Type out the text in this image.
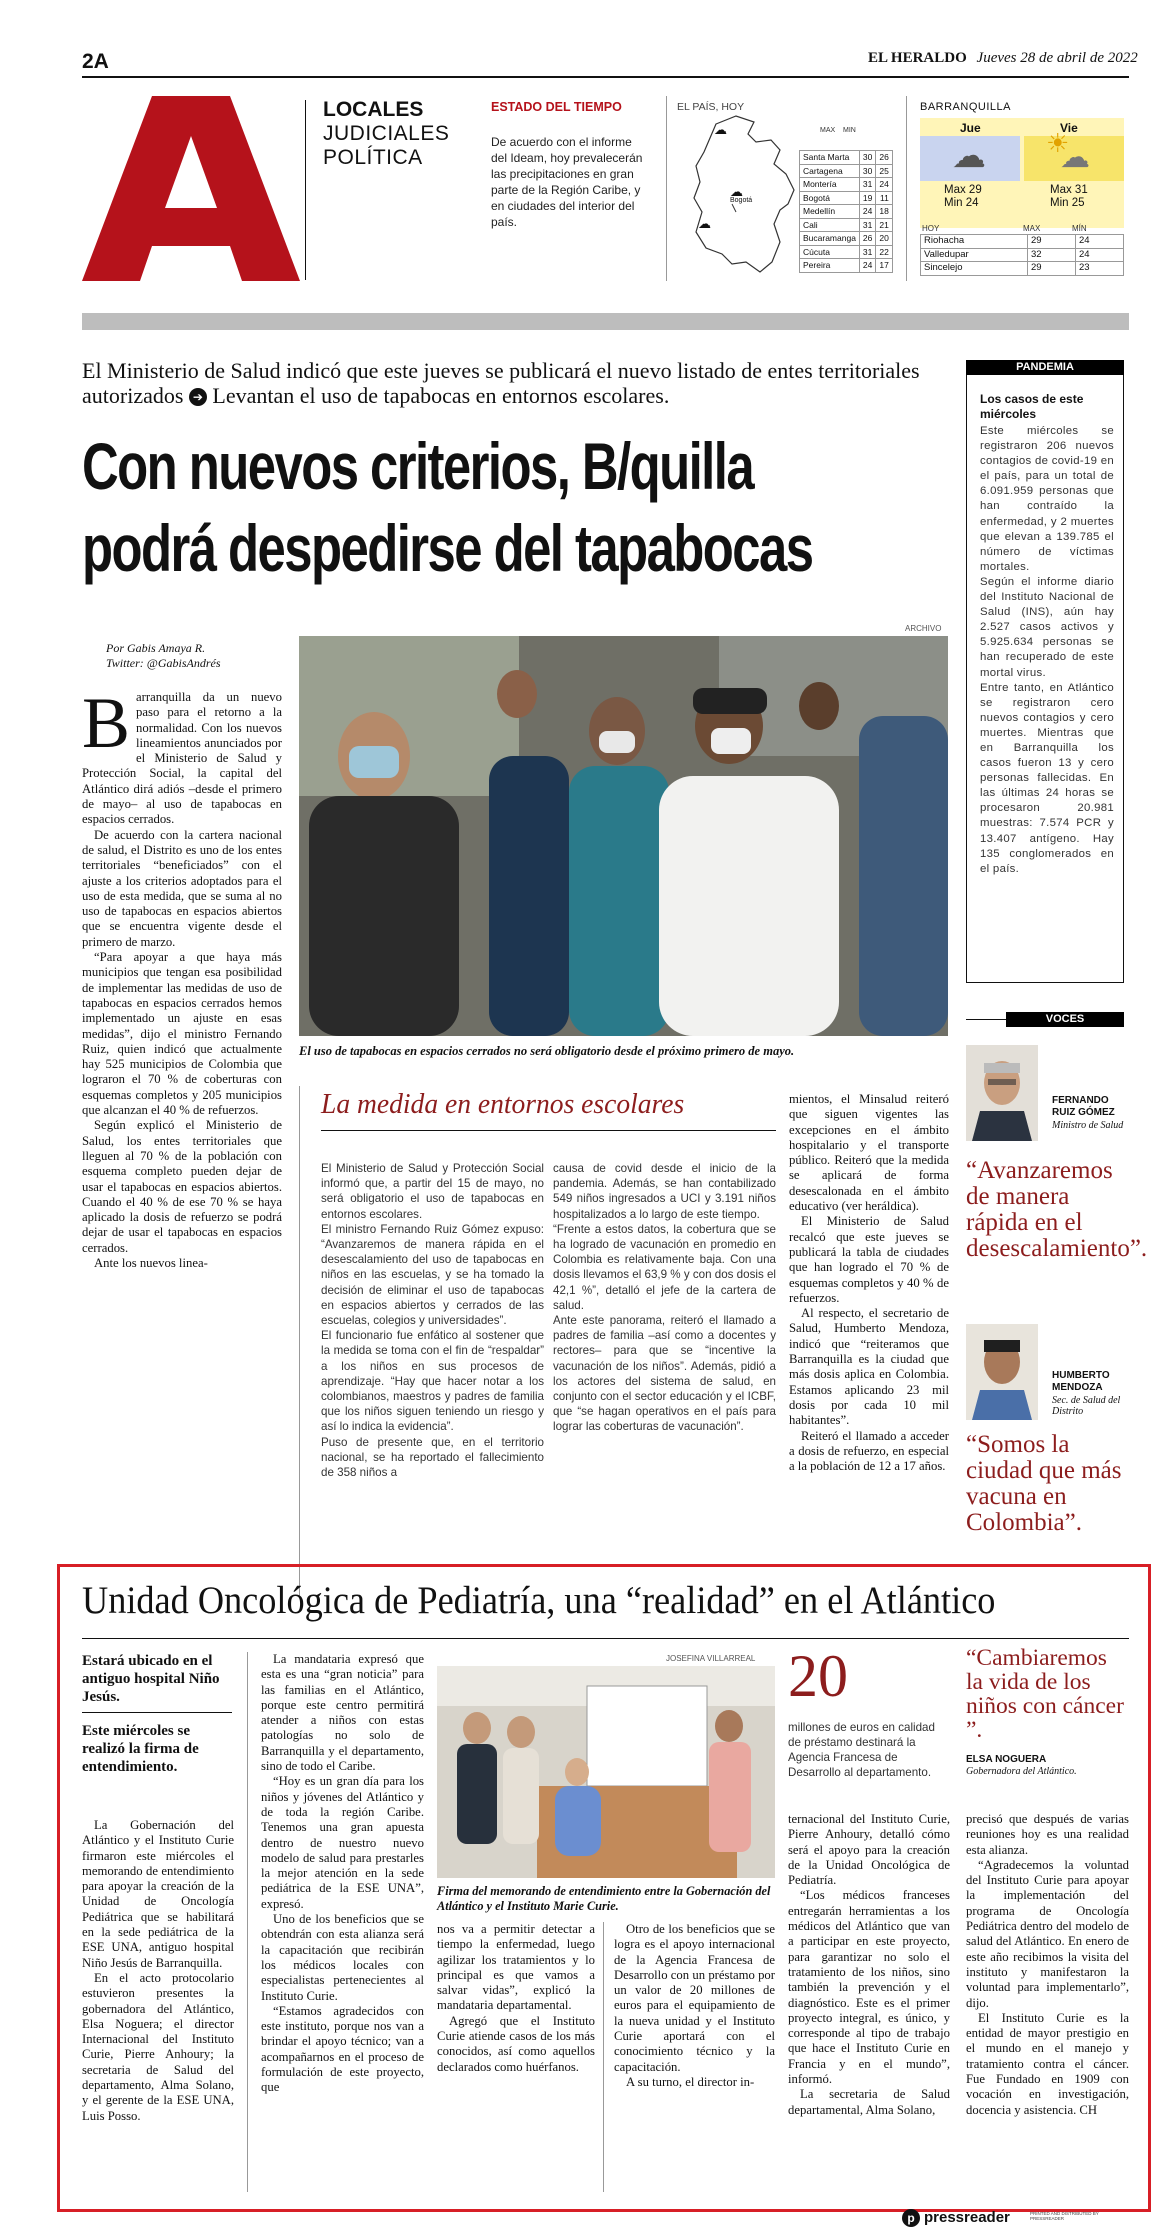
2A	EL HERALDO Jueves 28 de abril de 2022
LOCALES
JUDICIALES
POLÍTICA
ESTADO DEL TIEMPO
De acuerdo con el informe del Ideam, hoy prevalecerán las precipitaciones en gran parte de la Región Caribe, y en ciudades del interior del país.
EL PAÍS, HOY
☁
☁
Bogotá
☁
MAX MIN
Santa Marta	30	26
Cartagena	30	25
Montería	31	24
Bogotá	19	11
Medellín	24	18
Cali	31	21
Bucaramanga	26	20
Cúcuta	31	22
Pereira	24	17
BARRANQUILLA
Jue	Vie
☁ ☀
☁
Max 29
Min 24
Max 31
Min 25
HOY	MAX	MÍN
Riohacha	29	24
Valledupar	32	24
Sincelejo	29	23
El Ministerio de Salud indicó que este jueves se publicará el nuevo listado de entes territoriales autorizados ➔ Levantan el uso de tapabocas en entornos escolares.
Con nuevos criterios, B/quilla
podrá despedirse del tapabocas
Por Gabis Amaya R.
Twitter: @GabisAndrés
ARCHIVO
El uso de tapabocas en espacios cerrados no será obligatorio desde el próximo primero de mayo.
B arranquilla da un nuevo paso para el retorno a la normalidad. Con los nuevos lineamientos anunciados por el Ministerio de Salud y Protección Social, la capital del Atlántico dirá adiós –desde el primero de mayo– al uso de tapabocas en espacios cerrados.

De acuerdo con la cartera nacional de salud, el Distrito es uno de los entes territoriales “beneficiados” con el ajuste a los criterios adoptados para el uso de esta medida, que se suma al no uso de tapabocas en espacios abiertos que se encuentra vigente desde el primero de marzo.

“Para apoyar a que haya más municipios que tengan esa posibilidad de implementar las medidas de uso de tapabocas en espacios cerrados hemos implementado un ajuste en esas medidas”, dijo el ministro Fernando Ruiz, quien indicó que actualmente hay 525 municipios de Colombia que lograron el 70 % de coberturas con esquemas completos y 205 municipios que alcanzan el 40 % de refuerzos.

Según explicó el Ministerio de Salud, los entes territoriales que lleguen al 70 % de la población con esquema completo pueden dejar de usar el tapabocas en espacios abiertos. Cuando el 40 % de ese 70 % se haya aplicado la dosis de refuerzo se podrá dejar de usar el tapabocas en espacios cerrados.

Ante los nuevos linea-

La medida en entornos escolares

El Ministerio de Salud y Protección Social informó que, a partir del 15 de mayo, no será obligatorio el uso de tapabocas en entornos escolares.

El ministro Fernando Ruiz Gómez expuso: “Avanzaremos de manera rápida en el desescalamiento del uso de tapabocas en niños en las escuelas, y se ha tomado la decisión de eliminar el uso de tapabocas en espacios abiertos y cerrados de las escuelas, colegios y universidades”.

El funcionario fue enfático al sostener que la medida se toma con el fin de “respaldar” a los niños en sus procesos de aprendizaje. “Hay que hacer notar a los colombianos, maestros y padres de familia que los niños siguen teniendo un riesgo y así lo indica la evidencia”.

Puso de presente que, en el territorio nacional, se ha reportado el fallecimiento de 358 niños a

causa de covid desde el inicio de la pandemia. Además, se han contabilizado 549 niños ingresados a UCI y 3.191 niños hospitalizados a lo largo de este tiempo.

“Frente a estos datos, la cobertura que se ha logrado de vacunación en promedio en Colombia es relativamente baja. Con una dosis llevamos el 63,9 % y con dos dosis el 42,1 %”, detalló el jefe de la cartera de salud.

Ante este panorama, reiteró el llamado a padres de familia –así como a docentes y rectores– para que se “incentive la vacunación de los niños”. Además, pidió a los actores del sistema de salud, en conjunto con el sector educación y el ICBF, que “se hagan operativos en el país para lograr las coberturas de vacunación”.

mientos, el Minsalud reiteró que siguen vigentes las excepciones en el ámbito hospitalario y el transporte público. Reiteró que la medida se aplicará de forma desescalonada en el ámbito educativo (ver heráldica).

El Ministerio de Salud recalcó que este jueves se publicará la tabla de ciudades que han logrado el 70 % de esquemas completos y 40 % de refuerzos.

Al respecto, el secretario de Salud, Humberto Mendoza, indicó que “reiteramos que Barranquilla es la ciudad que más dosis aplica en Colombia. Estamos aplicando 23 mil dosis por cada 10 mil habitantes”.

Reiteró el llamado a acceder a dosis de refuerzo, en especial a la población de 12 a 17 años.

PANDEMIA
Los casos de este miércoles

Este miércoles se registraron 206 nuevos contagios de covid-19 en el país, para un total de 6.091.959 personas que han contraído la enfermedad, y 2 muertes que elevan a 139.785 el número de víctimas mortales.

Según el informe diario del Instituto Nacional de Salud (INS), aún hay 2.527 casos activos y 5.925.634 personas se han recuperado de este mortal virus.

Entre tanto, en Atlántico se registraron cero nuevos contagios y cero muertes. Mientras que en Barranquilla los casos fueron 13 y cero personas fallecidas. En las últimas 24 horas se procesaron 20.981 muestras: 7.574 PCR y 13.407 antígeno. Hay 135 conglomerados en el país.

VOCES
FERNANDO RUIZ GÓMEZ
Ministro de Salud
“Avanzaremos de manera rápida en el desescalamiento”.
HUMBERTO MENDOZA
Sec. de Salud del Distrito
“Somos la ciudad que más vacuna en Colombia”.
Unidad Oncológica de Pediatría, una “realidad” en el Atlántico
Estará ubicado en el antiguo hospital Niño Jesús.
Este miércoles se realizó la firma de entendimiento.

La Gobernación del Atlántico y el Instituto Curie firmaron este miércoles el memorando de entendimiento para apoyar la creación de la Unidad de Oncología Pediátrica que se habilitará en la sede pediátrica de la ESE UNA, antiguo hospital Niño Jesús de Barranquilla.

En el acto protocolario estuvieron presentes la gobernadora del Atlántico, Elsa Noguera; el director Internacional del Instituto Curie, Pierre Anhoury; la secretaria de Salud del departamento, Alma Solano, y el gerente de la ESE UNA, Luis Posso.

La mandataria expresó que esta es una “gran noticia” para las familias en el Atlántico, porque este centro permitirá atender a niños con estas patologías no solo de Barranquilla y el departamento, sino de todo el Caribe.

“Hoy es un gran día para los niños y jóvenes del Atlántico y de toda la región Caribe. Tenemos una gran apuesta dentro de nuestro nuevo modelo de salud para prestarles la mejor atención en la sede pediátrica de la ESE UNA”, expresó.

Uno de los beneficios que se obtendrán con esta alianza será la capacitación que recibirán los médicos locales con especialistas pertenecientes al Instituto Curie.

“Estamos agradecidos con este instituto, porque nos van a brindar el apoyo técnico; van a acompañarnos en el proceso de formulación de este proyecto, que

JOSEFINA VILLARREAL
Firma del memorando de entendimiento entre la Gobernación del Atlántico y el Instituto Marie Curie.

nos va a permitir detectar a tiempo la enfermedad, luego agilizar los tratamientos y lo principal es que vamos a salvar vidas”, explicó la mandataria departamental.

Agregó que el Instituto Curie atiende casos de los más conocidos, así como aquellos declarados como huérfanos.

Otro de los beneficios que se logra es el apoyo internacional de la Agencia Francesa de Desarrollo con un préstamo por un valor de 20 millones de euros para el equipamiento de la nueva unidad y el Instituto Curie aportará con el conocimiento técnico y la capacitación.

A su turno, el director in-

20
millones de euros en calidad de préstamo destinará la Agencia Francesa de Desarrollo al departamento.

ternacional del Instituto Curie, Pierre Anhoury, detalló cómo será el apoyo para la creación de la Unidad Oncológica de Pediatría.

“Los médicos franceses entregarán herramientas a los médicos del Atlántico que van a participar en este proyecto, para garantizar no solo el tratamiento de los niños, sino también la prevención y el diagnóstico. Este es el primer proyecto integral, es único, y corresponde al tipo de trabajo que hace el Instituto Curie en Francia y en el mundo”, informó.

La secretaria de Salud departamental, Alma Solano,

“Cambiaremos la vida de los niños con cáncer ”.
ELSA NOGUERA
Gobernadora del Atlántico.

precisó que después de varias reuniones hoy es una realidad esta alianza.

“Agradecemos la voluntad del Instituto Curie para apoyar la implementación del programa de Oncología Pediátrica dentro del modelo de salud del Atlántico. En enero de este año recibimos la visita del instituto y manifestaron la voluntad para implementarlo”, dijo.

El Instituto Curie es la entidad de mayor prestigio en el mundo en el manejo y tratamiento contra el cáncer. Fue Fundado en 1909 con vocación en investigación, docencia y asistencia. CH

p pressreader	PRINTED AND DISTRIBUTED BY PRESSREADER
